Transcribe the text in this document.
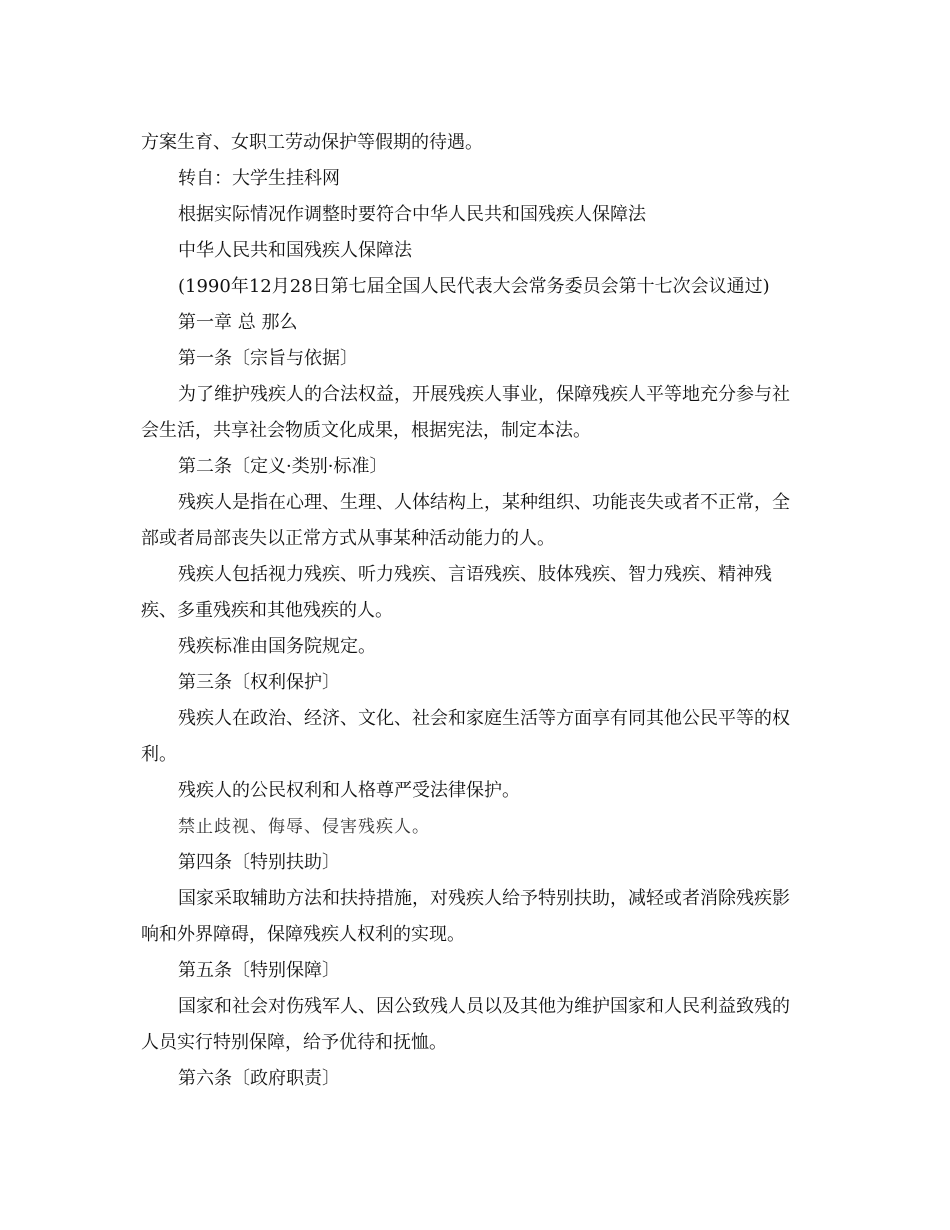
方案生育、女职工劳动保护等假期的待遇。

转自：大学生挂科网

根据实际情况作调整时要符合中华人民共和国残疾人保障法

中华人民共和国残疾人保障法

(1990年12月28日第七届全国人民代表大会常务委员会第十七次会议通过)

第一章 总 那么

第一条〔宗旨与依据〕

为了维护残疾人的合法权益，开展残疾人事业，保障残疾人平等地充分参与社会生活，共享社会物质文化成果，根据宪法，制定本法。

第二条〔定义·类别·标准〕

残疾人是指在心理、生理、人体结构上，某种组织、功能丧失或者不正常，全部或者局部丧失以正常方式从事某种活动能力的人。

残疾人包括视力残疾、听力残疾、言语残疾、肢体残疾、智力残疾、精神残疾、多重残疾和其他残疾的人。

残疾标准由国务院规定。

第三条〔权利保护〕

残疾人在政治、经济、文化、社会和家庭生活等方面享有同其他公民平等的权利。

残疾人的公民权利和人格尊严受法律保护。

禁止歧视、侮辱、侵害残疾人。

第四条〔特别扶助〕

国家采取辅助方法和扶持措施，对残疾人给予特别扶助，减轻或者消除残疾影响和外界障碍，保障残疾人权利的实现。

第五条〔特别保障〕

国家和社会对伤残军人、因公致残人员以及其他为维护国家和人民利益致残的人员实行特别保障，给予优待和抚恤。

第六条〔政府职责〕
